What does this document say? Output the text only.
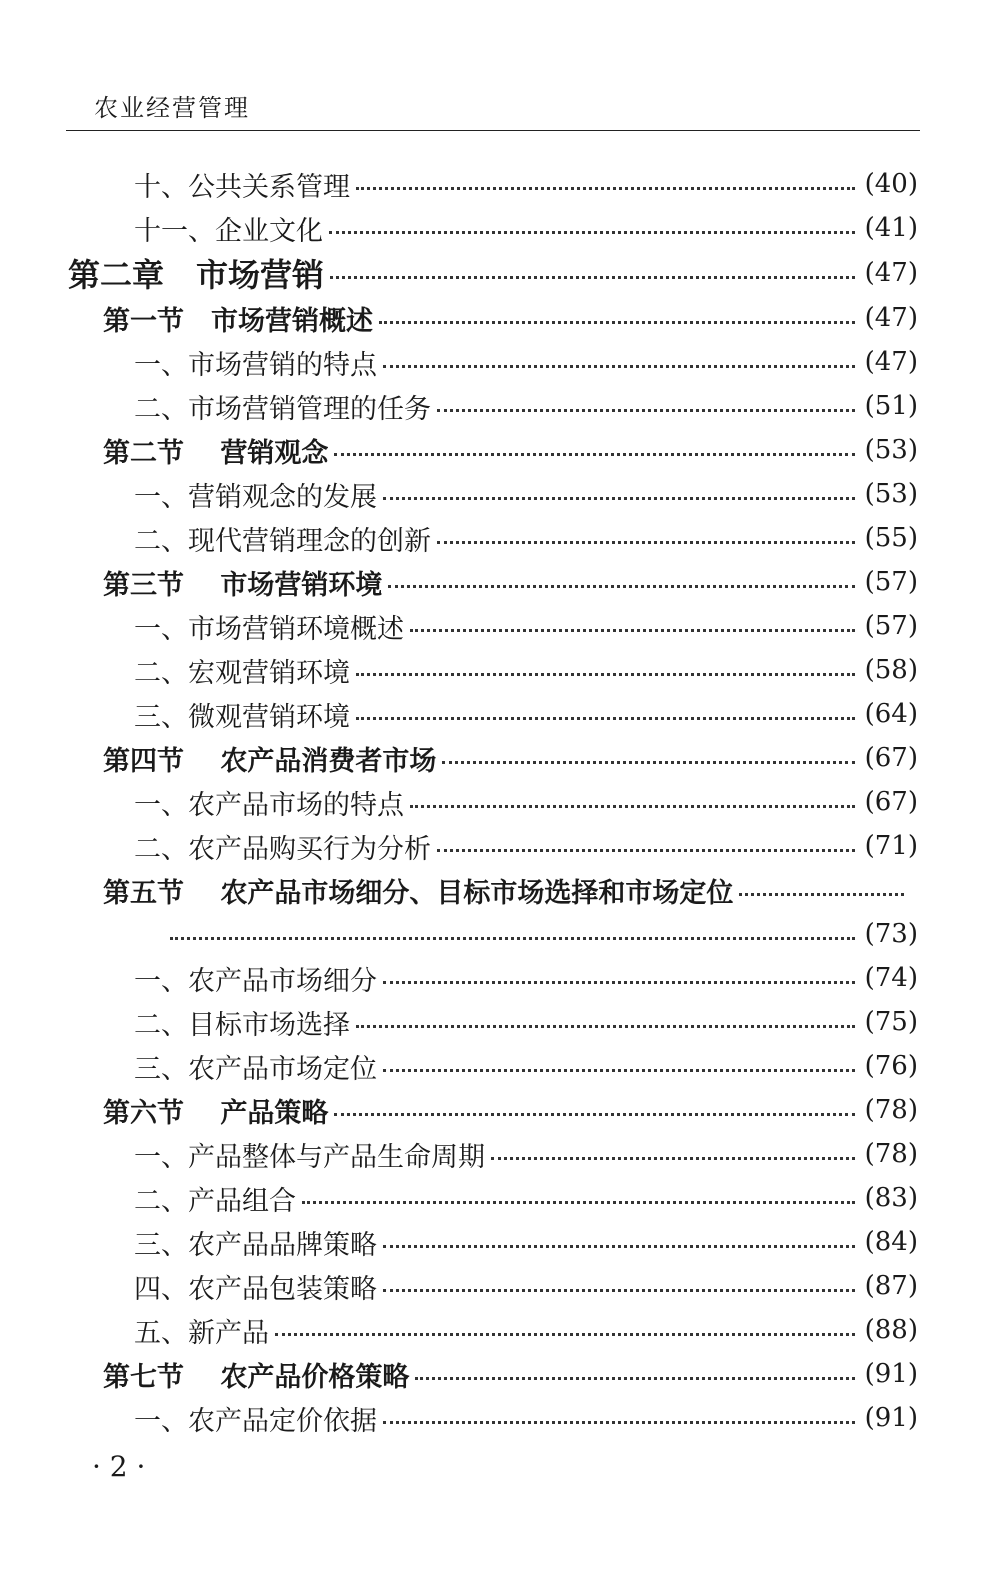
农业经营管理
十、公共关系管理	(40)
十一、企业文化	(41)
第二章　市场营销	(47)
第一节　市场营销概述	(47)
一、市场营销的特点	(47)
二、市场营销管理的任务	(51)
第二节　 营销观念	(53)
一、营销观念的发展	(53)
二、现代营销理念的创新	(55)
第三节　 市场营销环境	(57)
一、市场营销环境概述	(57)
二、宏观营销环境	(58)
三、微观营销环境	(64)
第四节　 农产品消费者市场	(67)
一、农产品市场的特点	(67)
二、农产品购买行为分析	(71)
第五节　 农产品市场细分、目标市场选择和市场定位
(73)
一、农产品市场细分	(74)
二、目标市场选择	(75)
三、农产品市场定位	(76)
第六节　 产品策略	(78)
一、产品整体与产品生命周期	(78)
二、产品组合	(83)
三、农产品品牌策略	(84)
四、农产品包装策略	(87)
五、新产品	(88)
第七节　 农产品价格策略	(91)
一、农产品定价依据	(91)
· 2 ·
